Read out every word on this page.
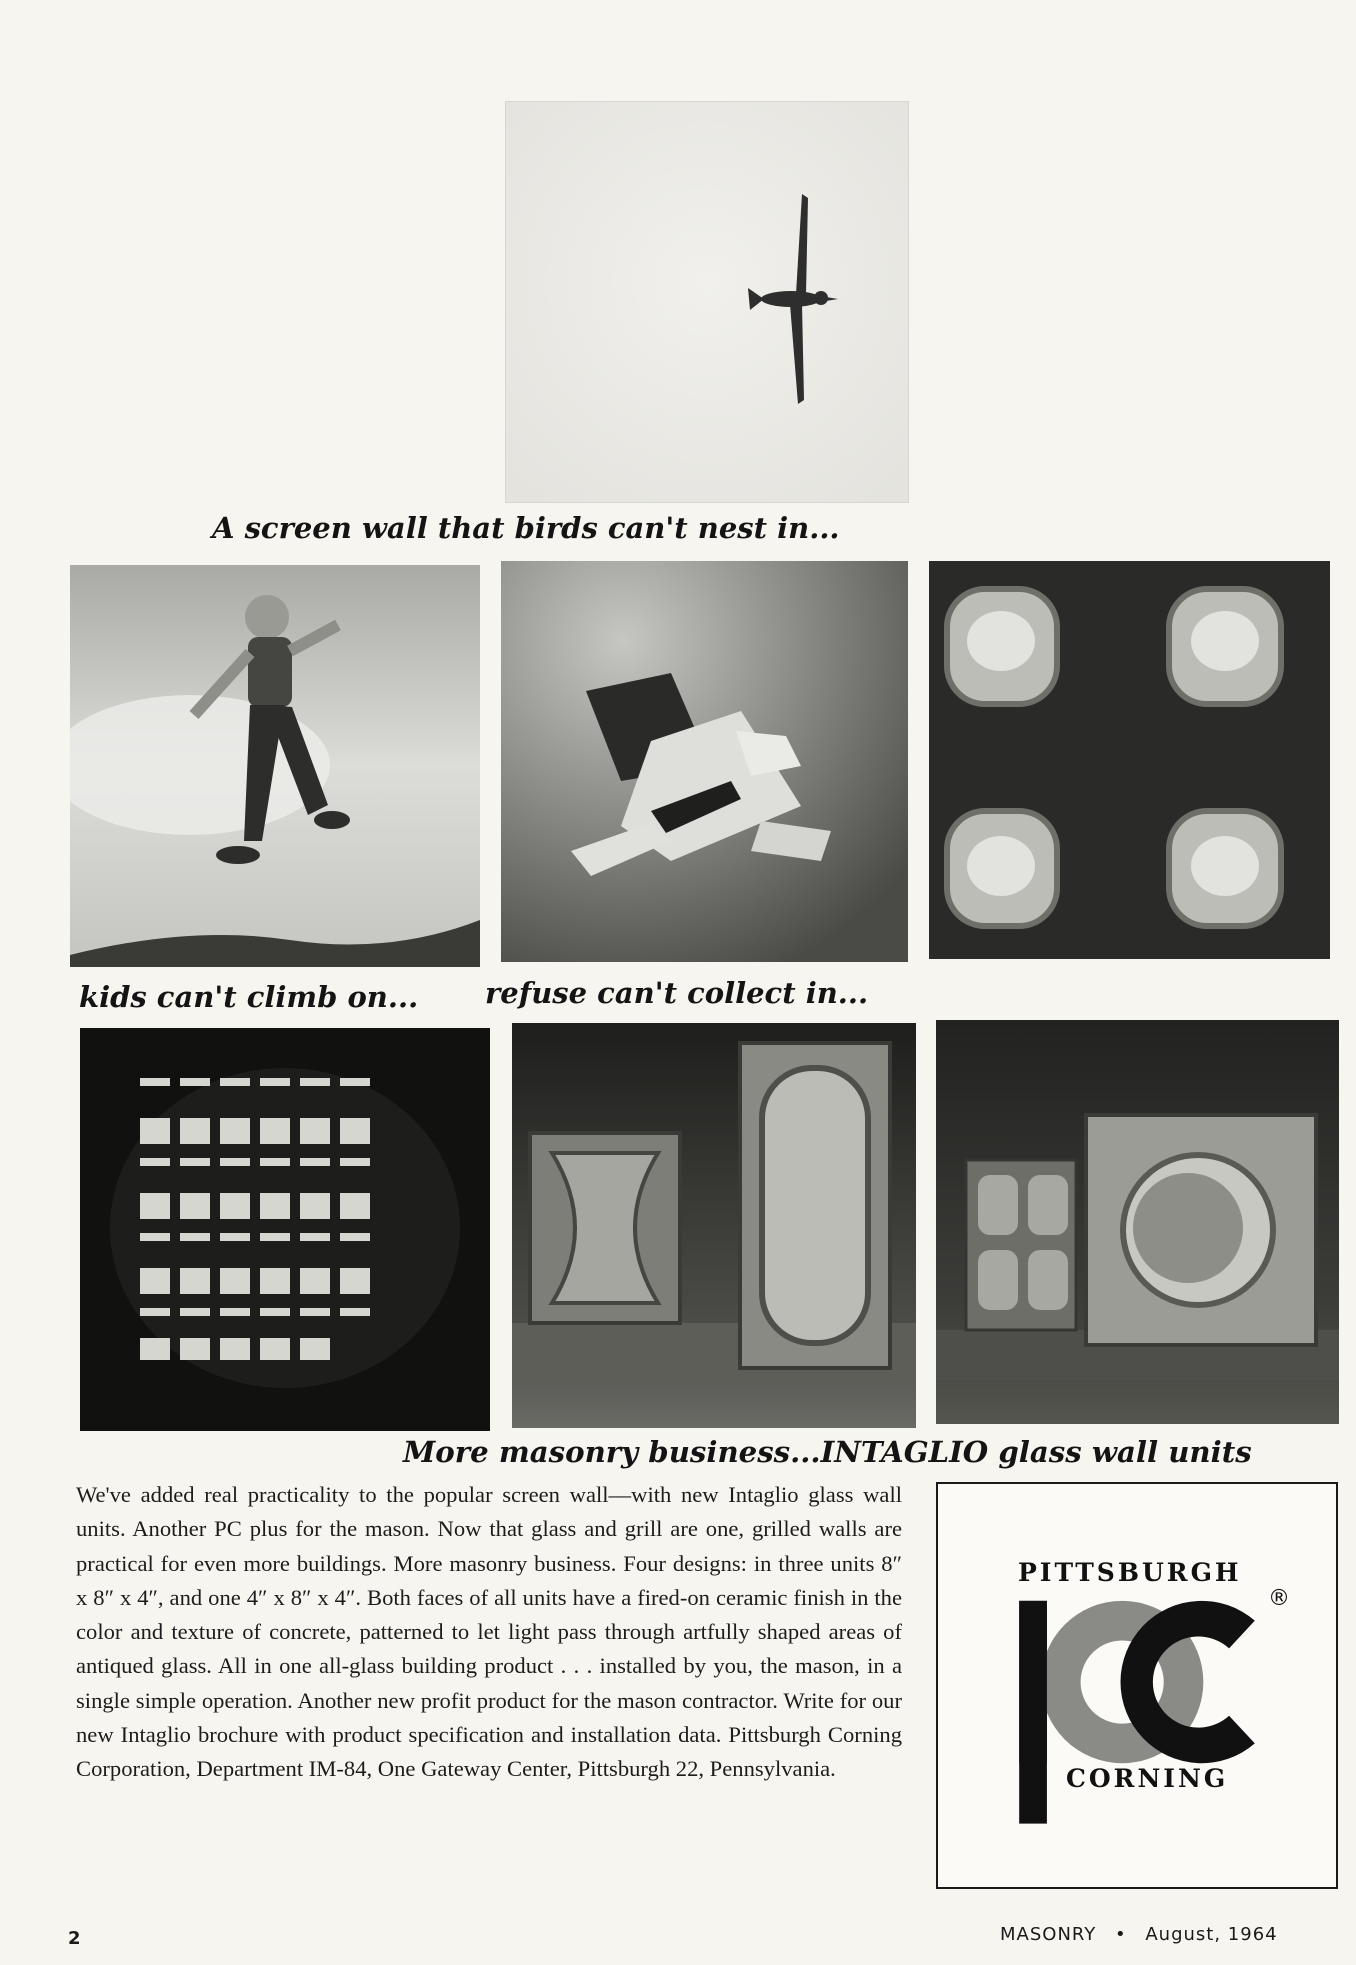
A screen wall that birds can't nest in...
kids can't climb on... refuse can't collect in...
More masonry business...INTAGLIO glass wall units
We've added real practicality to the popular screen wall—with new Intaglio glass wall units. Another PC plus for the mason. Now that glass and grill are one, grilled walls are practical for even more buildings. More masonry business. Four designs: in three units 8″ x 8″ x 4″, and one 4″ x 8″ x 4″. Both faces of all units have a fired-on ceramic finish in the color and texture of concrete, patterned to let light pass through artfully shaped areas of antiqued glass. All in one all-glass building product . . . installed by you, the mason, in a single simple operation. Another new profit product for the mason contractor. Write for our new Intaglio brochure with product specification and installation data. Pittsburgh Corning Corporation, Department IM-84, One Gateway Center, Pittsburgh 22, Pennsylvania.
PITTSBURGH
®
CORNING
2	MASONRY • August, 1964
